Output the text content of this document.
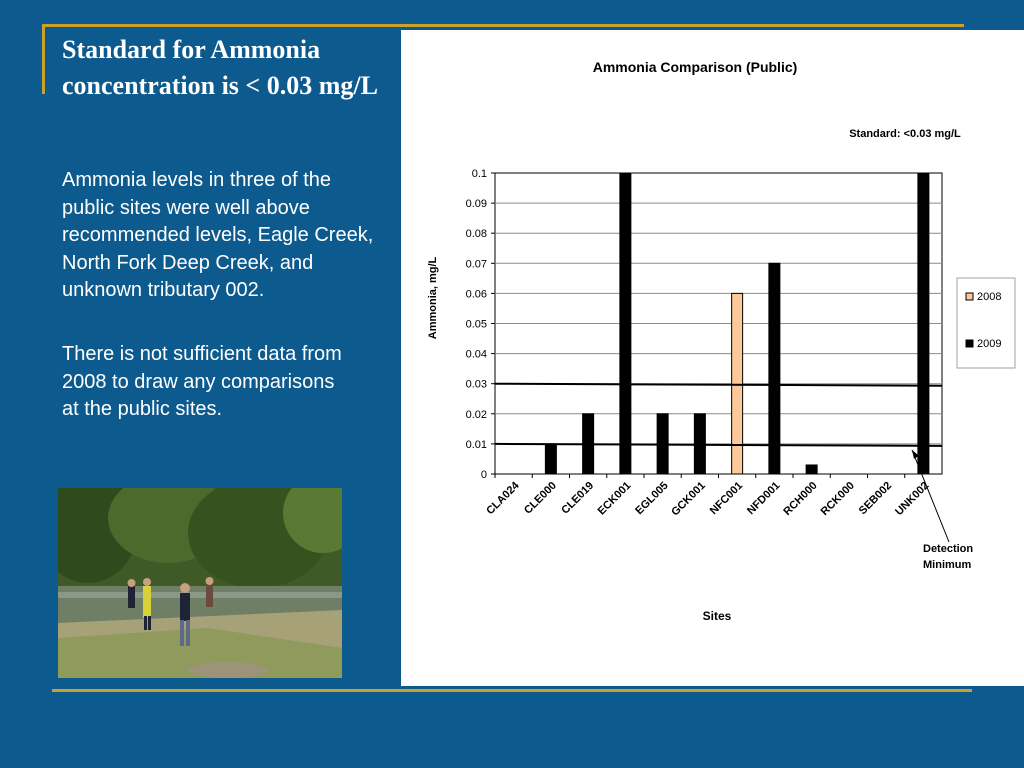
Standard for Ammonia concentration is < 0.03 mg/L
Ammonia levels in three of the public sites were well above recommended levels, Eagle Creek, North Fork Deep Creek, and unknown tributary 002.
There is not sufficient data from 2008 to draw any comparisons at the public sites.
Ammonia Comparison (Public)
Standard: <0.03 mg/L
Sites
Ammonia, mg/L
Detection
Minimum
0
0.01
0.02
0.03
0.04
0.05
0.06
0.07
0.08
0.09
0.1
CLA024 CLE000 CLE019 ECK001 EGL005
GCK001 NFC001 NFD001
RCH000
RCK000 SEB002
UNK002
2008
2009
